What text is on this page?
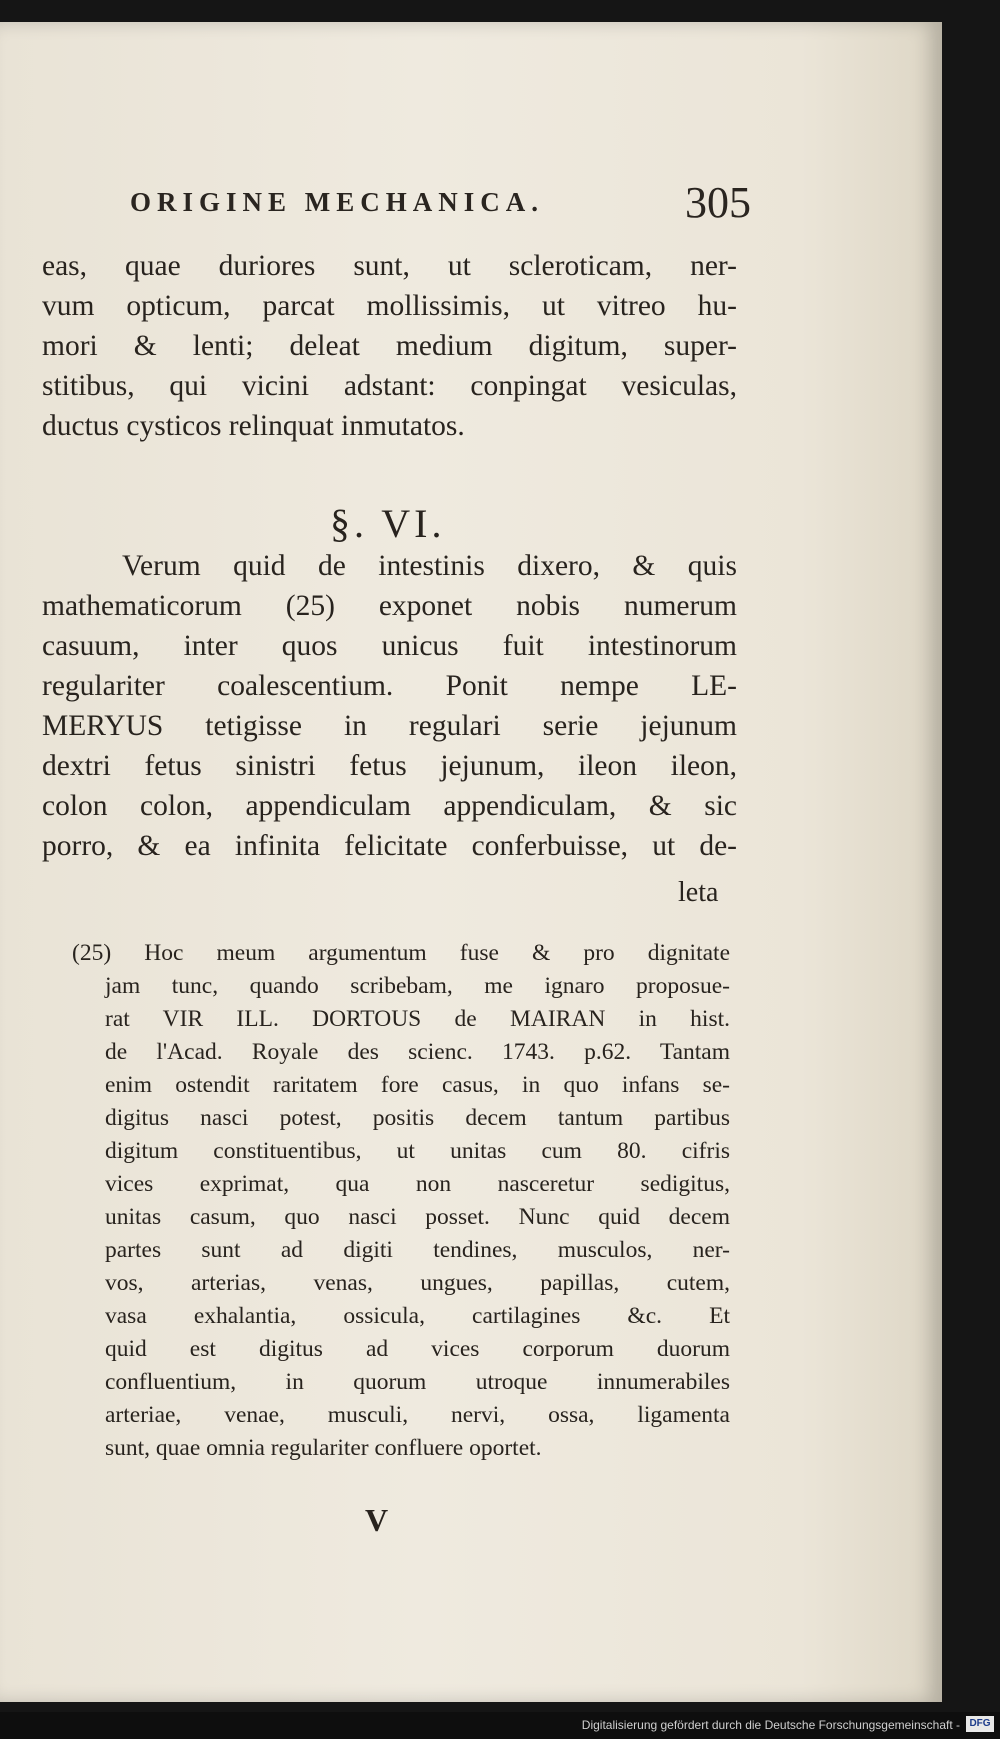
ORIGINE MECHANICA.	305
eas, quae duriores sunt, ut scleroticam, ner-
vum opticum, parcat mollissimis, ut vitreo hu-
mori & lenti; deleat medium digitum, super-
stitibus, qui vicini adstant: conpingat vesiculas,
ductus cysticos relinquat inmutatos.
§. VI.
Verum quid de intestinis dixero, & quis
mathematicorum (25) exponet nobis numerum
casuum, inter quos unicus fuit intestinorum
regulariter coalescentium. Ponit nempe LE-
MERYUS tetigisse in regulari serie jejunum
dextri fetus sinistri fetus jejunum, ileon ileon,
colon colon, appendiculam appendiculam, & sic
porro, & ea infinita felicitate conferbuisse, ut de-
leta
(25) Hoc meum argumentum fuse & pro dignitate
jam tunc, quando scribebam, me ignaro proposue-
rat VIR ILL. DORTOUS de MAIRAN in hist.
de l'Acad. Royale des scienc. 1743. p.62. Tantam
enim ostendit raritatem fore casus, in quo infans se-
digitus nasci potest, positis decem tantum partibus
digitum constituentibus, ut unitas cum 80. cifris
vices exprimat, qua non nasceretur sedigitus,
unitas casum, quo nasci posset. Nunc quid decem
partes sunt ad digiti tendines, musculos, ner-
vos, arterias, venas, ungues, papillas, cutem,
vasa exhalantia, ossicula, cartilagines &c. Et
quid est digitus ad vices corporum duorum
confluentium, in quorum utroque innumerabiles
arteriae, venae, musculi, nervi, ossa, ligamenta
sunt, quae omnia regulariter confluere oportet.
V
Digitalisierung gefördert durch die Deutsche Forschungsgemeinschaft - DFG
